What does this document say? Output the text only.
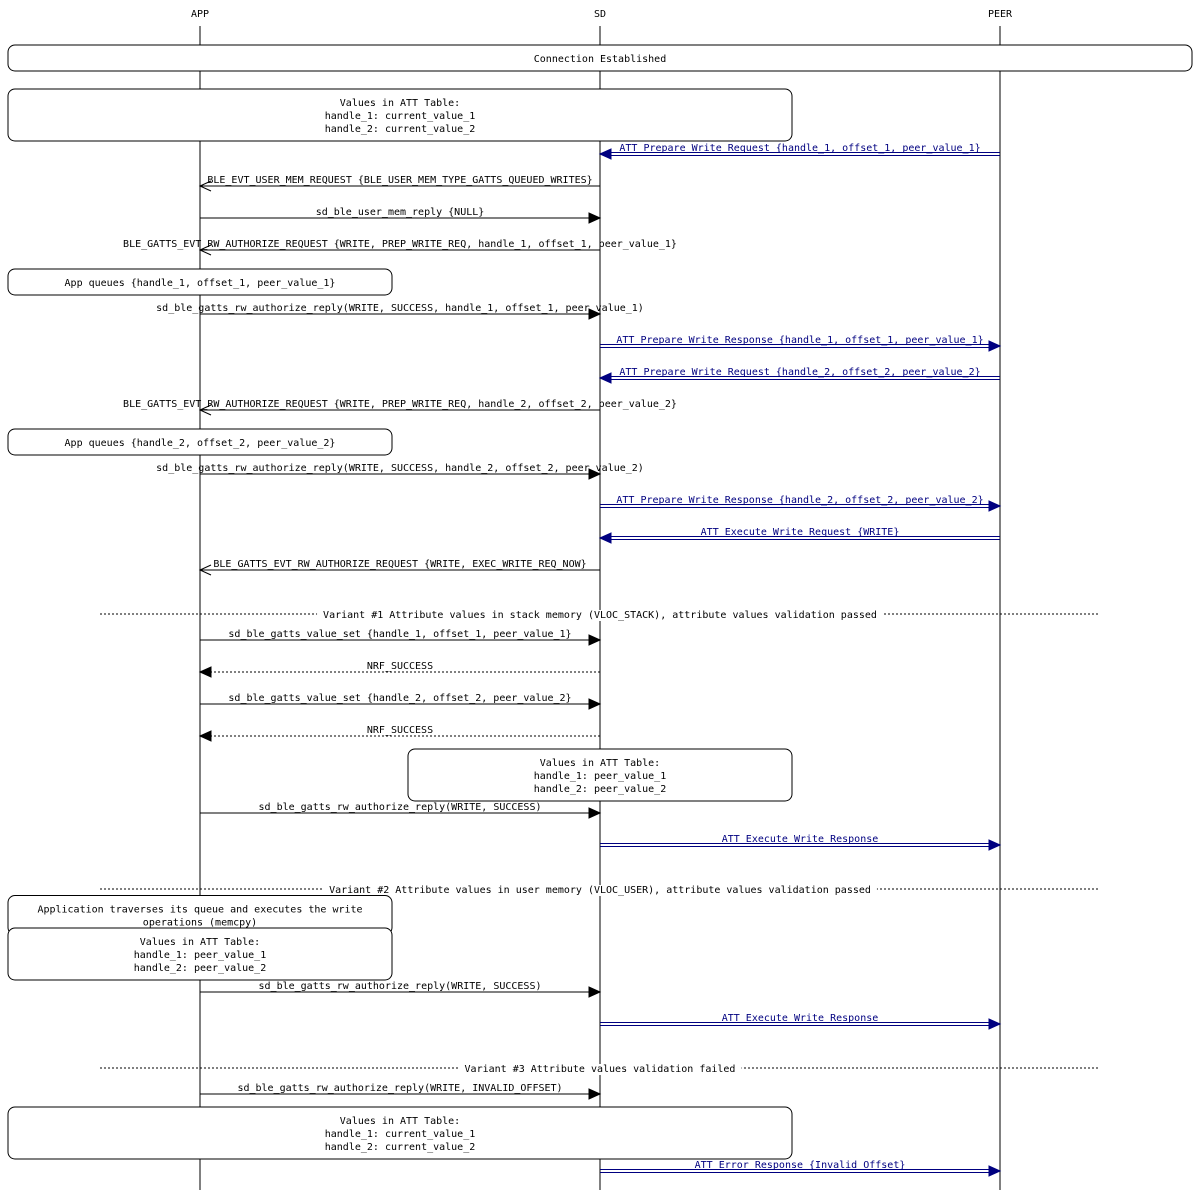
Connection Established
Values in ATT Table:
handle_1: current_value_1
handle_2: current_value_2
ATT Prepare Write Request {handle_1, offset_1, peer_value_1}
BLE_EVT_USER_MEM_REQUEST {BLE_USER_MEM_TYPE_GATTS_QUEUED_WRITES}
sd_ble_user_mem_reply {NULL}
BLE_GATTS_EVT_RW_AUTHORIZE_REQUEST {WRITE, PREP_WRITE_REQ, handle_1, offset_1, peer_value_1}
App queues {handle_1, offset_1, peer_value_1}
sd_ble_gatts_rw_authorize_reply(WRITE, SUCCESS, handle_1, offset_1, peer_value_1)
ATT Prepare Write Response {handle_1, offset_1, peer_value_1}
ATT Prepare Write Request {handle_2, offset_2, peer_value_2}
BLE_GATTS_EVT_RW_AUTHORIZE_REQUEST {WRITE, PREP_WRITE_REQ, handle_2, offset_2, peer_value_2}
App queues {handle_2, offset_2, peer_value_2}
sd_ble_gatts_rw_authorize_reply(WRITE, SUCCESS, handle_2, offset_2, peer_value_2)
ATT Prepare Write Response {handle_2, offset_2, peer_value_2}
ATT Execute Write Request {WRITE}
BLE_GATTS_EVT_RW_AUTHORIZE_REQUEST {WRITE, EXEC_WRITE_REQ_NOW}
Variant #1 Attribute values in stack memory (VLOC_STACK), attribute values validation passed
sd_ble_gatts_value_set {handle_1, offset_1, peer_value_1}
NRF_SUCCESS
sd_ble_gatts_value_set {handle_2, offset_2, peer_value_2}
NRF_SUCCESS
Values in ATT Table:
handle_1: peer_value_1
handle_2: peer_value_2
sd_ble_gatts_rw_authorize_reply(WRITE, SUCCESS)
ATT Execute Write Response
Variant #2 Attribute values in user memory (VLOC_USER), attribute values validation passed
Application traverses its queue and executes the write
operations (memcpy)
Values in ATT Table:
handle_1: peer_value_1
handle_2: peer_value_2
sd_ble_gatts_rw_authorize_reply(WRITE, SUCCESS)
ATT Execute Write Response
Variant #3 Attribute values validation failed
sd_ble_gatts_rw_authorize_reply(WRITE, INVALID_OFFSET)
Values in ATT Table:
handle_1: current_value_1
handle_2: current_value_2
ATT Error Response {Invalid Offset}
APP	SD	PEER
